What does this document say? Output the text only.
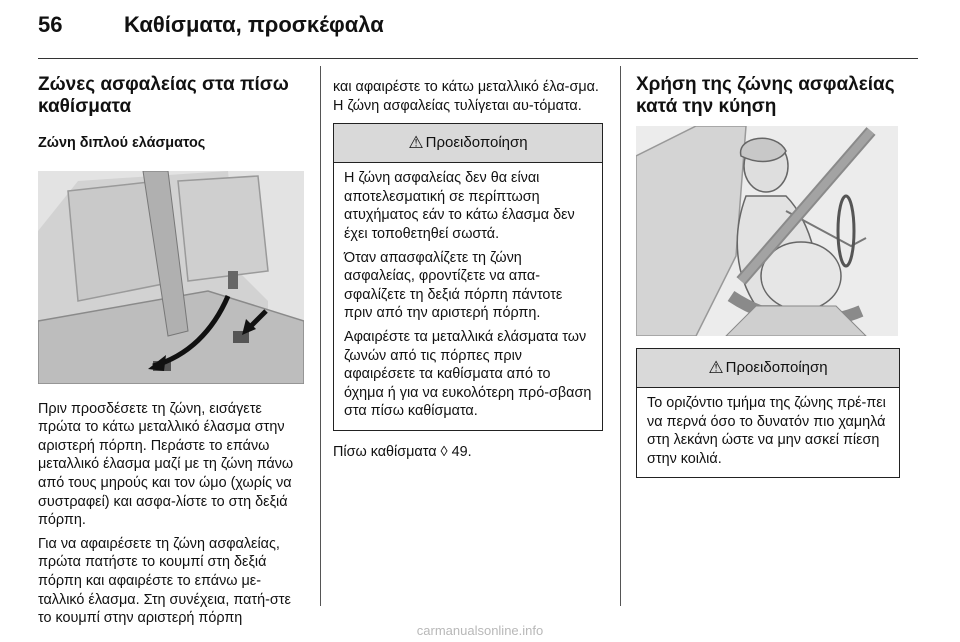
56	Καθίσματα, προσκέφαλα
Ζώνες ασφαλείας στα πίσω καθίσματα
Ζώνη διπλού ελάσματος

Πριν προσδέσετε τη ζώνη, εισάγετε πρώτα το κάτω μεταλλικό έλασμα στην αριστερή πόρπη. Περάστε το επάνω μεταλλικό έλασμα μαζί με τη ζώνη πάνω από τους μηρούς και τον ώμο (χωρίς να συστραφεί) και ασφα-λίστε το στη δεξιά πόρπη.

Για να αφαιρέσετε τη ζώνη ασφαλείας, πρώτα πατήστε το κουμπί στη δεξιά πόρπη και αφαιρέστε το επάνω με-ταλλικό έλασμα. Στη συνέχεια, πατή-στε το κουμπί στην αριστερή πόρπη

και αφαιρέστε το κάτω μεταλλικό έλα-σμα. Η ζώνη ασφαλείας τυλίγεται αυ-τόματα.

⚠ Προειδοποίηση

Η ζώνη ασφαλείας δεν θα είναι αποτελεσματική σε περίπτωση ατυχήματος εάν το κάτω έλασμα δεν έχει τοποθετηθεί σωστά.

Όταν απασφαλίζετε τη ζώνη ασφαλείας, φροντίζετε να απα-σφαλίζετε τη δεξιά πόρπη πάντοτε πριν από την αριστερή πόρπη.

Αφαιρέστε τα μεταλλικά ελάσματα των ζωνών από τις πόρπες πριν αφαιρέσετε τα καθίσματα από το όχημα ή για να ευκολότερη πρό-σβαση στα πίσω καθίσματα.

Πίσω καθίσματα ◊ 49.

Χρήση της ζώνης ασφαλείας κατά την κύηση
⚠ Προειδοποίηση

Το οριζόντιο τμήμα της ζώνης πρέ-πει να περνά όσο το δυνατόν πιο χαμηλά στη λεκάνη ώστε να μην ασκεί πίεση στην κοιλιά.

carmanualsonline.info
